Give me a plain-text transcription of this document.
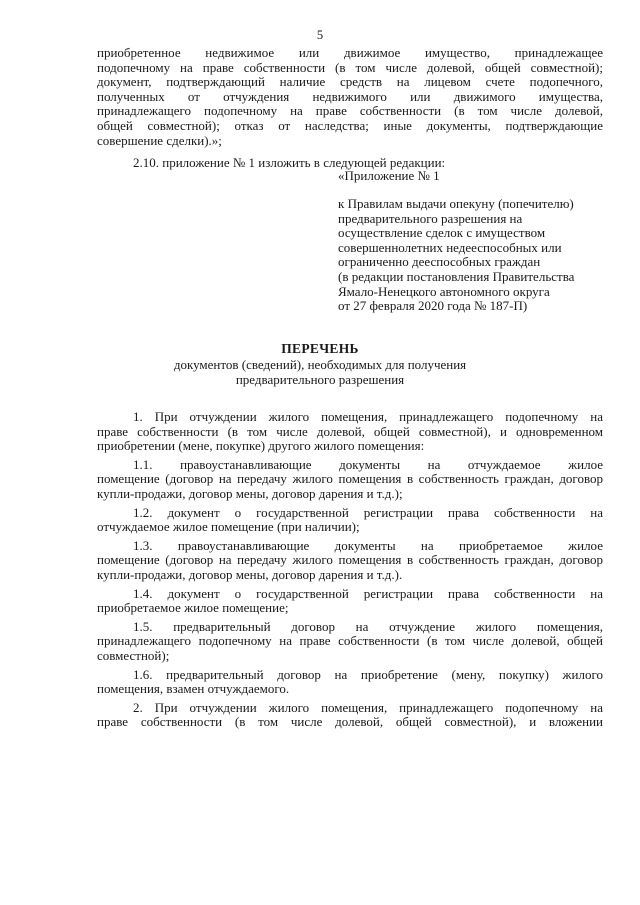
5

приобретенное недвижимое или движимое имущество, принадлежащее

подопечному на праве собственности (в том числе долевой, общей совместной);

документ, подтверждающий наличие средств на лицевом счете подопечного,

полученных от отчуждения недвижимого или движимого имущества,

принадлежащего подопечному на праве собственности (в том числе долевой,

общей совместной); отказ от наследства; иные документы, подтверждающие

совершение сделки).»;

2.10. приложение № 1 изложить в следующей редакции:
«Приложение № 1

к Правилам выдачи опекуну (попечителю)

предварительного разрешения на

осуществление сделок с имуществом

совершеннолетних недееспособных или

ограниченно дееспособных граждан

(в редакции постановления Правительства

Ямало-Ненецкого автономного округа

от 27 февраля 2020 года № 187-П)

ПЕРЕЧЕНЬ

документов (сведений), необходимых для получения

предварительного разрешения

1. При отчуждении жилого помещения, принадлежащего подопечному на
праве собственности (в том числе долевой, общей совместной), и одновременном приобретении (мене, покупке) другого жилого помещения:

1.1. правоустанавливающие документы на отчуждаемое жилое
помещение (договор на передачу жилого помещения в собственность граждан, договор купли-продажи, договор мены, договор дарения и т.д.);

1.2. документ о государственной регистрации права собственности на
отчуждаемое жилое помещение (при наличии);

1.3. правоустанавливающие документы на приобретаемое жилое
помещение (договор на передачу жилого помещения в собственность граждан, договор купли-продажи, договор мены, договор дарения и т.д.).

1.4. документ о государственной регистрации права собственности на
приобретаемое жилое помещение;

1.5. предварительный договор на отчуждение жилого помещения,
принадлежащего подопечному на праве собственности (в том числе долевой, общей совместной);

1.6. предварительный договор на приобретение (мену, покупку) жилого
помещения, взамен отчуждаемого.

2. При отчуждении жилого помещения, принадлежащего подопечному на
праве собственности (в том числе долевой, общей совместной), и вложении
